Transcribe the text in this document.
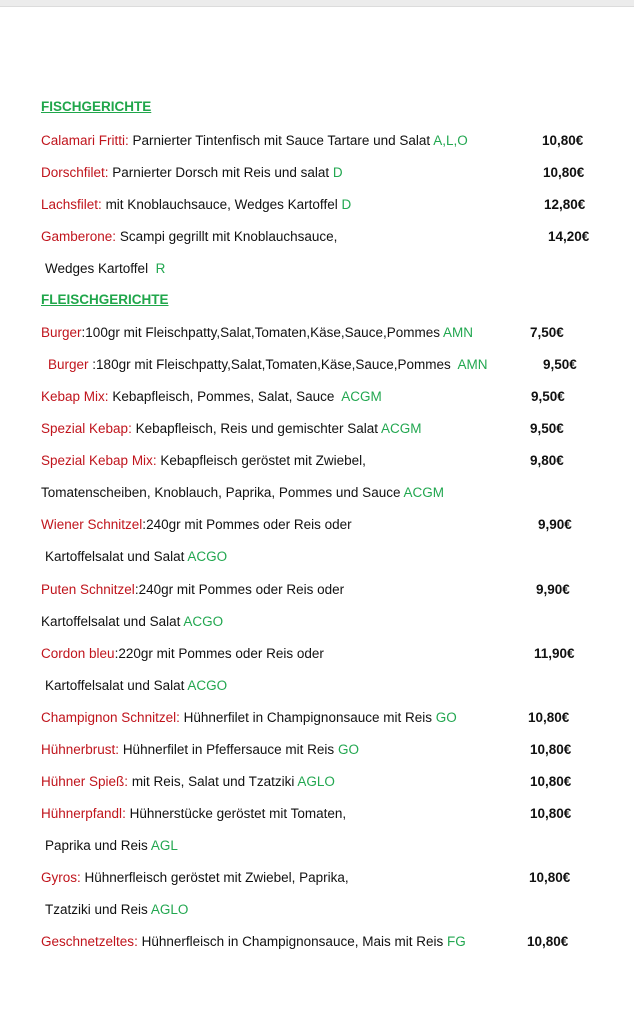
FISCHGERICHTE
Calamari Fritti: Parnierter Tintenfisch mit Sauce Tartare und Salat A,L,O	10,80€
Dorschfilet: Parnierter Dorsch mit Reis und salat D	10,80€
Lachsfilet: mit Knoblauchsauce, Wedges Kartoffel D	12,80€
Gamberone: Scampi gegrillt mit Knoblauchsauce,	14,20€
Wedges Kartoffel R
FLEISCHGERICHTE
Burger:100gr mit Fleischpatty,Salat,Tomaten,Käse,Sauce,Pommes AMN	7,50€
Burger :180gr mit Fleischpatty,Salat,Tomaten,Käse,Sauce,Pommes AMN	9,50€
Kebap Mix: Kebapfleisch, Pommes, Salat, Sauce ACGM	9,50€
Spezial Kebap: Kebapfleisch, Reis und gemischter Salat ACGM	9,50€
Spezial Kebap Mix: Kebapfleisch geröstet mit Zwiebel,	9,80€
Tomatenscheiben, Knoblauch, Paprika, Pommes und Sauce ACGM
Wiener Schnitzel:240gr mit Pommes oder Reis oder	9,90€
Kartoffelsalat und Salat ACGO
Puten Schnitzel:240gr mit Pommes oder Reis oder	9,90€
Kartoffelsalat und Salat ACGO
Cordon bleu:220gr mit Pommes oder Reis oder	11,90€
Kartoffelsalat und Salat ACGO
Champignon Schnitzel: Hühnerfilet in Champignonsauce mit Reis GO	10,80€
Hühnerbrust: Hühnerfilet in Pfeffersauce mit Reis GO	10,80€
Hühner Spieß: mit Reis, Salat und Tzatziki AGLO	10,80€
Hühnerpfandl: Hühnerstücke geröstet mit Tomaten,	10,80€
Paprika und Reis AGL
Gyros: Hühnerfleisch geröstet mit Zwiebel, Paprika,	10,80€
Tzatziki und Reis AGLO
Geschnetzeltes: Hühnerfleisch in Champignonsauce, Mais mit Reis FG	10,80€
